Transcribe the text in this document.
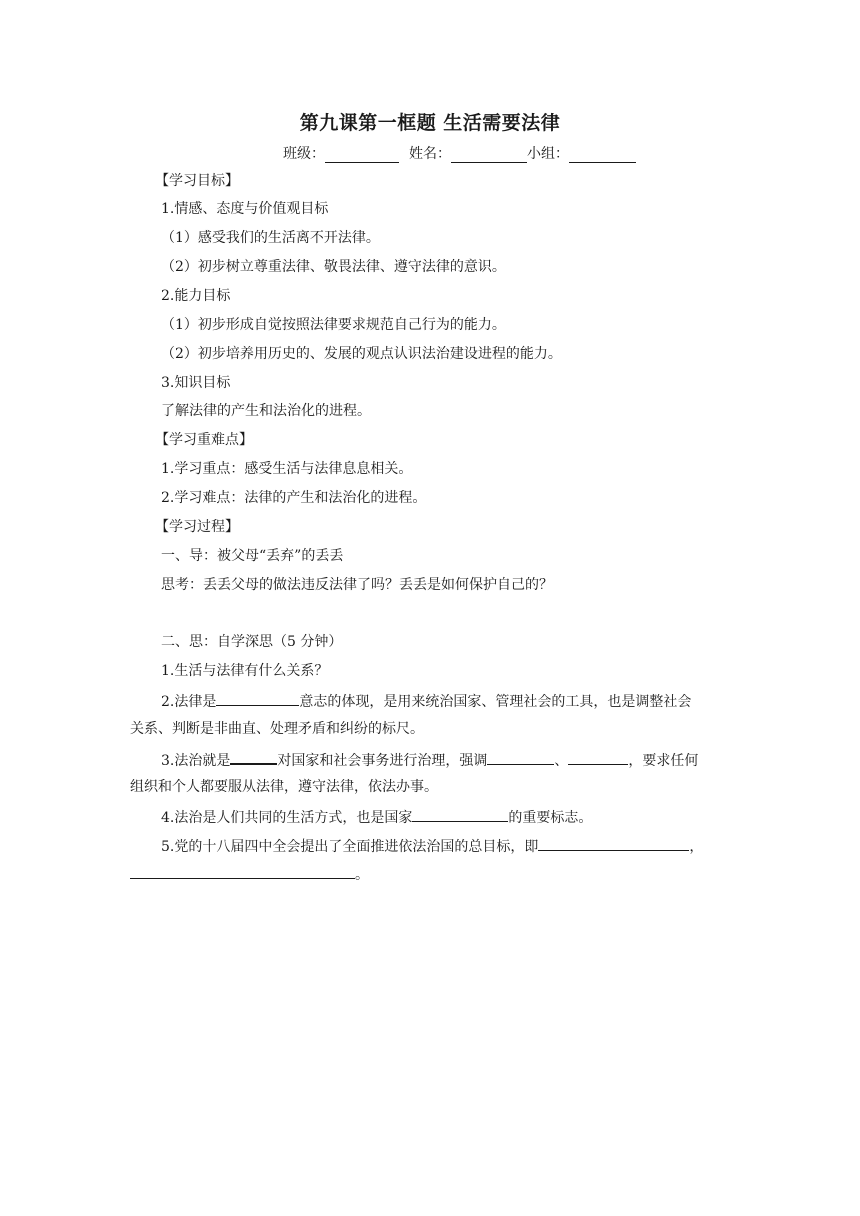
第九课第一框题 生活需要法律
班级：	姓名：	小组：
【学习目标】
1.情感、态度与价值观目标
（1）感受我们的生活离不开法律。
（2）初步树立尊重法律、敬畏法律、遵守法律的意识。
2.能力目标
（1）初步形成自觉按照法律要求规范自己行为的能力。
（2）初步培养用历史的、发展的观点认识法治建设进程的能力。
3.知识目标
了解法律的产生和法治化的进程。
【学习重难点】
1.学习重点：感受生活与法律息息相关。
2.学习难点：法律的产生和法治化的进程。
【学习过程】
一、导：被父母“丢弃”的丢丢
思考：丢丢父母的做法违反法律了吗？丢丢是如何保护自己的？
二、思：自学深思（5 分钟）
1.生活与法律有什么关系？
2.法律是	意志的体现，是用来统治国家、管理社会的工具，也是调整社会
关系、判断是非曲直、处理矛盾和纠纷的标尺。
3.法治就是	对国家和社会事务进行治理，强调	、	，要求任何
组织和个人都要服从法律，遵守法律，依法办事。
4.法治是人们共同的生活方式，也是国家	的重要标志。
5.党的十八届四中全会提出了全面推进依法治国的总目标，即	，
。
